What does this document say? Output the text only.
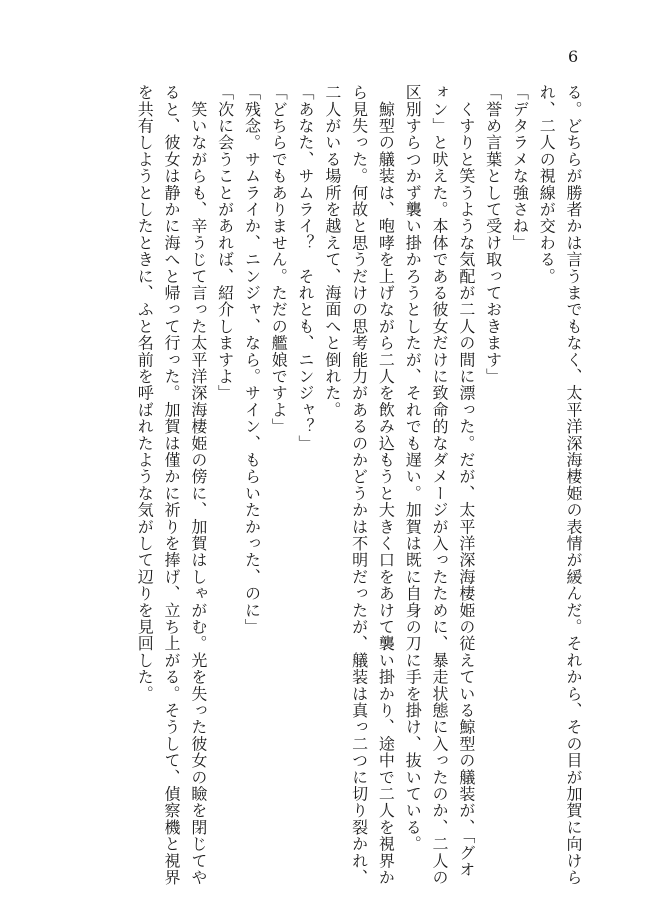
6
る。どちらが勝者かは言うまでもなく、太平洋深海棲姫の表情が緩んだ。それから、その目が加賀に向けら
れ、二人の視線が交わる。
「デタラメな強さね」
「誉め言葉として受け取っておきます」
　くすりと笑うような気配が二人の間に漂った。だが、太平洋深海棲姫の従えている鯨型の艤装が、「グオ
ォン」と吠えた。本体である彼女だけに致命的なダメージが入ったために、暴走状態に入ったのか、二人の
区別すらつかず襲い掛かろうとしたが、それでも遅い。加賀は既に自身の刀に手を掛け、抜いている。
　鯨型の艤装は、咆哮を上げながら二人を飲み込もうと大きく口をあけて襲い掛かり、途中で二人を視界か
ら見失った。何故と思うだけの思考能力があるのかどうかは不明だったが、艤装は真っ二つに切り裂かれ、
二人がいる場所を越えて、海面へと倒れた。
「あなた、サムライ？　それとも、ニンジャ？」
「どちらでもありません。ただの艦娘ですよ」
「残念。サムライか、ニンジャ、なら。サイン、もらいたかった、のに」
「次に会うことがあれば、紹介しますよ」
　笑いながらも、辛うじて言った太平洋深海棲姫の傍に、加賀はしゃがむ。光を失った彼女の瞼を閉じてや
ると、彼女は静かに海へと帰って行った。加賀は僅かに祈りを捧げ、立ち上がる。そうして、偵察機と視界
を共有しようとしたときに、ふと名前を呼ばれたような気がして辺りを見回した。
